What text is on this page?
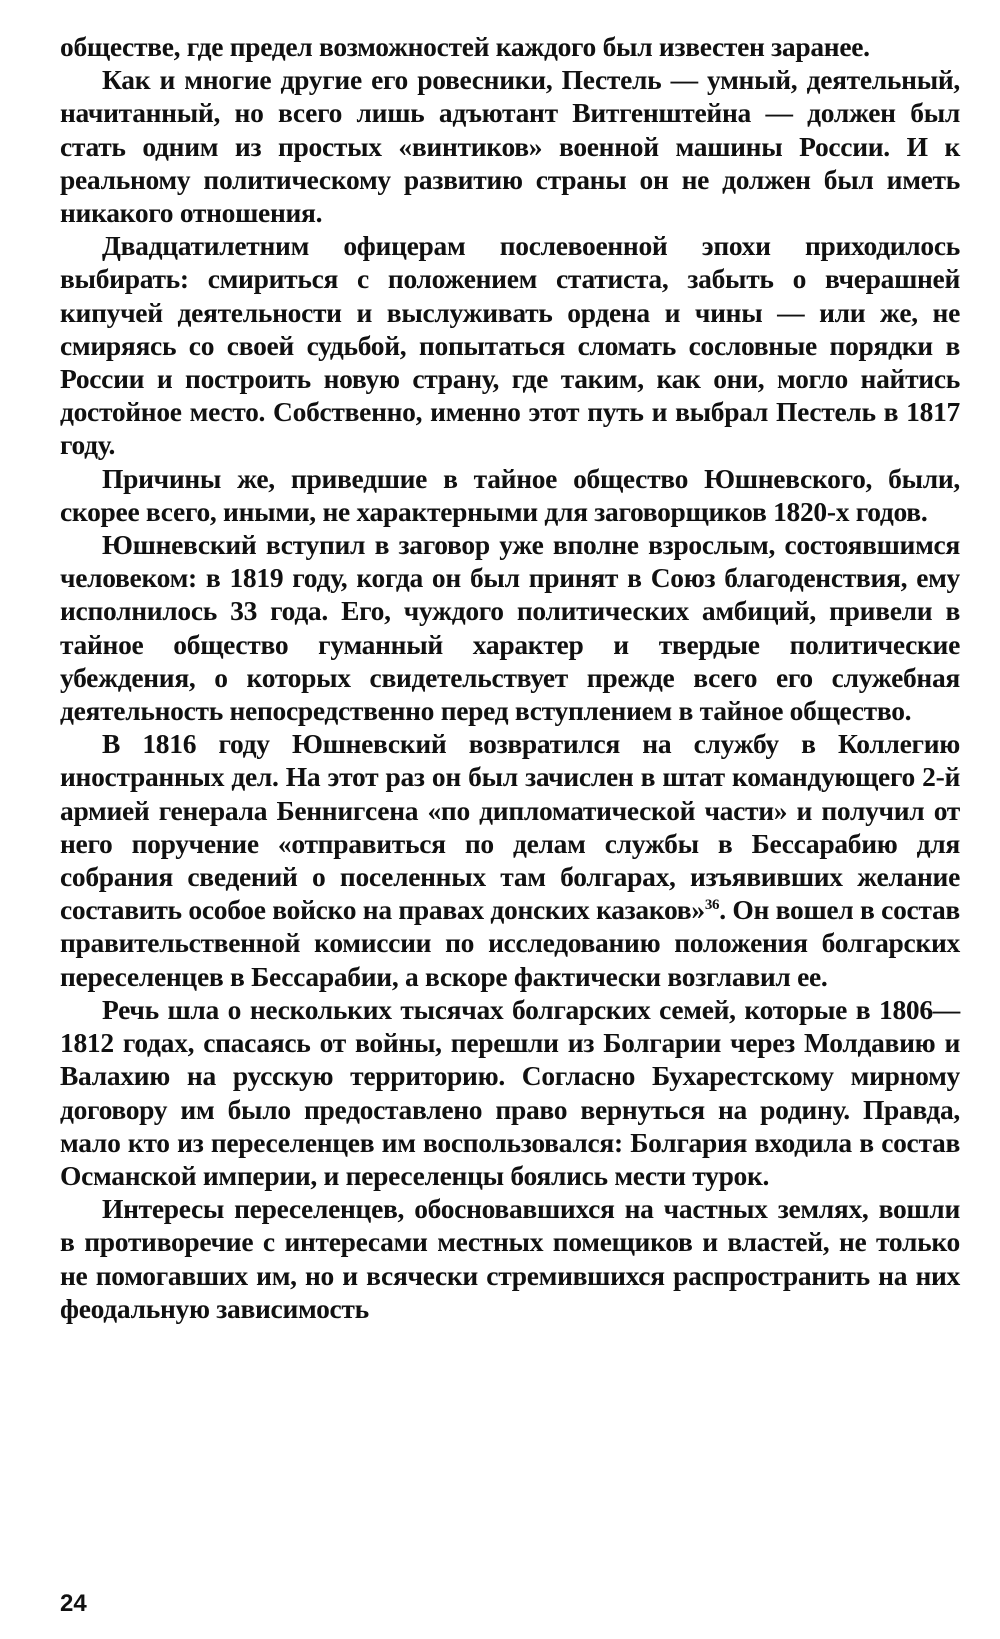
обществе, где предел возможностей каждого был известен заранее.

Как и многие другие его ровесники, Пестель — умный, деятельный, начитанный, но всего лишь адъютант Витгенштейна — должен был стать одним из простых «винтиков» военной машины России. И к реальному политическому развитию страны он не должен был иметь никакого отношения.

Двадцатилетним офицерам послевоенной эпохи приходилось выбирать: смириться с положением статиста, забыть о вчерашней кипучей деятельности и выслуживать ордена и чины — или же, не смиряясь со своей судьбой, попытаться сломать сословные порядки в России и построить новую страну, где таким, как они, могло найтись достойное место. Собственно, именно этот путь и выбрал Пестель в 1817 году.

Причины же, приведшие в тайное общество Юшневского, были, скорее всего, иными, не характерными для заговорщиков 1820-х годов.

Юшневский вступил в заговор уже вполне взрослым, состоявшимся человеком: в 1819 году, когда он был принят в Союз благоденствия, ему исполнилось 33 года. Его, чуждого политических амбиций, привели в тайное общество гуманный характер и твердые политические убеждения, о которых свидетельствует прежде всего его служебная деятельность непосредственно перед вступлением в тайное общество.

В 1816 году Юшневский возвратился на службу в Коллегию иностранных дел. На этот раз он был зачислен в штат командующего 2-й армией генерала Беннигсена «по дипломатической части» и получил от него поручение «отправиться по делам службы в Бессарабию для собрания сведений о поселенных там болгарах, изъявивших желание составить особое войско на правах донских казаков»$^{36}$. Он вошел в состав правительственной комиссии по исследованию положения болгарских переселенцев в Бессарабии, а вскоре фактически возглавил ее.

Речь шла о нескольких тысячах болгарских семей, которые в 1806—1812 годах, спасаясь от войны, перешли из Болгарии через Молдавию и Валахию на русскую территорию. Согласно Бухарестскому мирному договору им было предоставлено право вернуться на родину. Правда, мало кто из переселенцев им воспользовался: Болгария входила в состав Османской империи, и переселенцы боялись мести турок.

Интересы переселенцев, обосновавшихся на частных землях, вошли в противоречие с интересами местных помещиков и властей, не только не помогавших им, но и всячески стремившихся распространить на них феодальную зависимость

24
